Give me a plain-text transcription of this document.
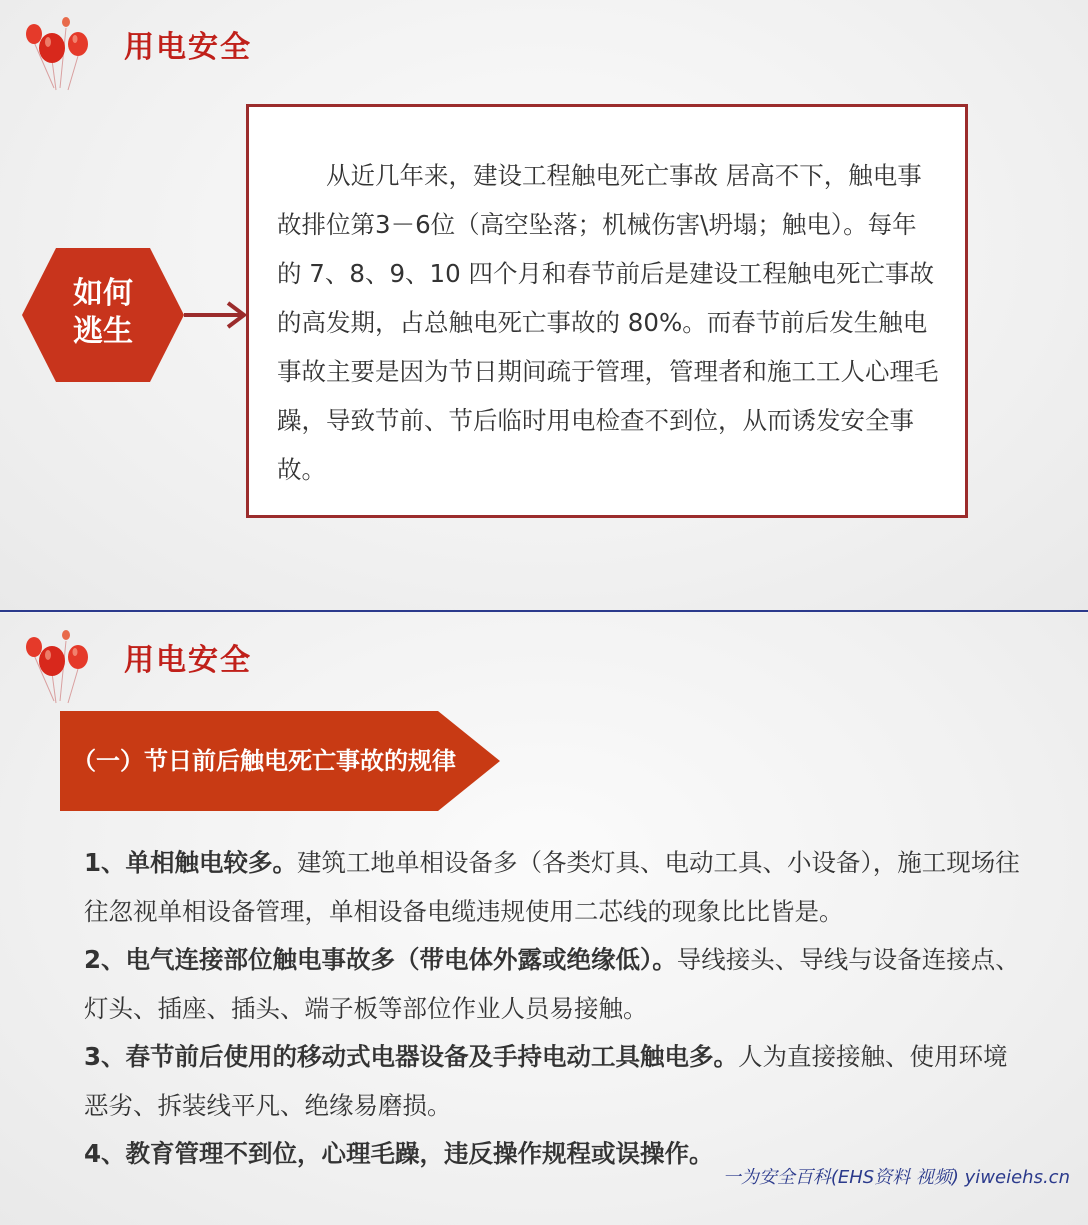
用电安全
如何
逃生

从近几年来，建设工程触电死亡事故 居高不下，触电事故排位第3－6位（高空坠落；机械伤害\坍塌；触电）。每年的 7、8、9、10 四个月和春节前后是建设工程触电死亡事故的高发期，占总触电死亡事故的 80%。而春节前后发生触电事故主要是因为节日期间疏于管理，管理者和施工工人心理毛躁，导致节前、节后临时用电检查不到位，从而诱发安全事故。

用电安全
（一）节日前后触电死亡事故的规律
1、单相触电较多。建筑工地单相设备多（各类灯具、电动工具、小设备），施工现场往往忽视单相设备管理，单相设备电缆违规使用二芯线的现象比比皆是。
2、电气连接部位触电事故多（带电体外露或绝缘低）。导线接头、导线与设备连接点、灯头、插座、插头、端子板等部位作业人员易接触。
3、春节前后使用的移动式电器设备及手持电动工具触电多。人为直接接触、使用环境恶劣、拆装线平凡、绝缘易磨损。
4、教育管理不到位，心理毛躁，违反操作规程或误操作。
一为安全百科(EHS资料 视频) yiweiehs.cn
